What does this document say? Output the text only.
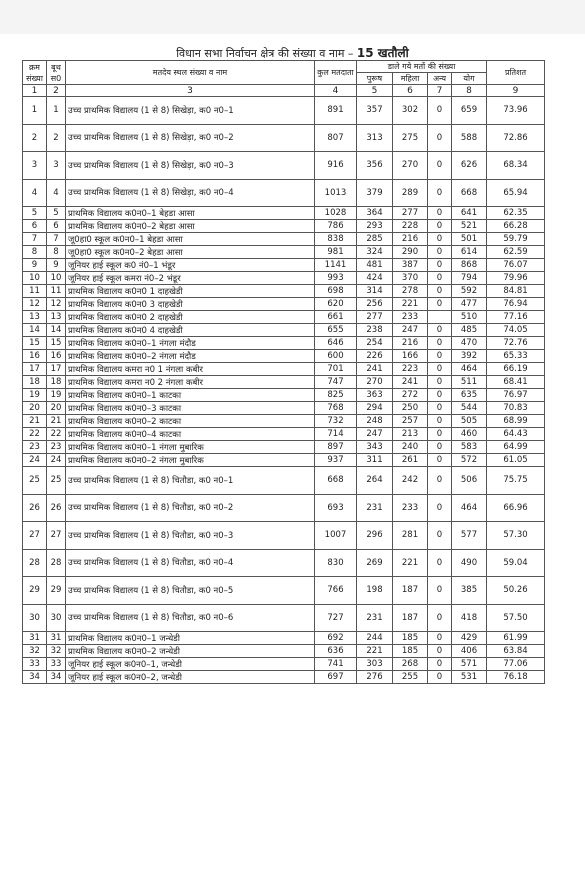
विधान सभा निर्वाचन क्षेत्र की संख्या व नाम – 15 खतौली
क्रम संख्या	बूथ स0	मतदेय स्थल संख्या व नाम	कुल मतदाता	डाले गये मतों की संख्या				प्रतिशत
				पुरूष	महिला	अन्य	योग	
1	2	3	4	5	6	7	8	9
1	1	उच्च प्राथमिक विद्यालय (1 से 8) सिखेड़ा, क0 न0–1	891	357	302	0	659	73.96
2	2	उच्च प्राथमिक विद्यालय (1 से 8) सिखेड़ा, क0 न0–2	807	313	275	0	588	72.86
3	3	उच्च प्राथमिक विद्यालय (1 से 8) सिखेड़ा, क0 न0–3	916	356	270	0	626	68.34
4	4	उच्च प्राथमिक विद्यालय (1 से 8) सिखेड़ा, क0 न0–4	1013	379	289	0	668	65.94
5	5	प्राथमिक विद्यालय क0न0–1 बेहडा आसा	1028	364	277	0	641	62.35
6	6	प्राथमिक विद्यालय क0न0–2 बेहडा आसा	786	293	228	0	521	66.28
7	7	जू0हा0 स्कूल क0न0–1 बेहडा आसा	838	285	216	0	501	59.79
8	8	जू0हा0 स्कूल क0न0–2 बेहडा आसा	981	324	290	0	614	62.59
9	9	जूनियर हाई स्कूल क0 नं0–1 भंडूर	1141	481	387	0	868	76.07
10	10	जूनियर हाई स्कूल कमरा नं0–2 भंडूर	993	424	370	0	794	79.96
11	11	प्राथमिक विद्यालय क0न0 1 दाहखेडी	698	314	278	0	592	84.81
12	12	प्राथमिक विद्यालय क0न0 3 दाहखेडी	620	256	221	0	477	76.94
13	13	प्राथमिक विद्यालय क0न0 2 दाहखेडी	661	277	233		510	77.16
14	14	प्राथमिक विद्यालय क0न0 4 दाहखेडी	655	238	247	0	485	74.05
15	15	प्राथमिक विद्यालय क0न0–1 नंगला मंदौड	646	254	216	0	470	72.76
16	16	प्राथमिक विद्यालय क0न0–2 नंगला मंदौड	600	226	166	0	392	65.33
17	17	प्राथमिक विद्यालय कमरा न0 1 नंगला कबीर	701	241	223	0	464	66.19
18	18	प्राथमिक विद्यालय कमरा न0 2 नंगला कबीर	747	270	241	0	511	68.41
19	19	प्राथमिक विद्यालय क0न0–1 काटका	825	363	272	0	635	76.97
20	20	प्राथमिक विद्यालय क0न0–3 काटका	768	294	250	0	544	70.83
21	21	प्राथमिक विद्यालय क0न0–2 काटका	732	248	257	0	505	68.99
22	22	प्राथमिक विद्यालय क0न0–4 काटका	714	247	213	0	460	64.43
23	23	प्राथमिक विद्यालय क0न0–1 नंगला मुबारिक	897	343	240	0	583	64.99
24	24	प्राथमिक विद्यालय क0न0–2 नंगला मुबारिक	937	311	261	0	572	61.05
25	25	उच्च प्राथमिक विद्यालय (1 से 8) चितौडा, क0 न0–1	668	264	242	0	506	75.75
26	26	उच्च प्राथमिक विद्यालय (1 से 8) चितौडा, क0 न0–2	693	231	233	0	464	66.96
27	27	उच्च प्राथमिक विद्यालय (1 से 8) चितौडा, क0 न0–3	1007	296	281	0	577	57.30
28	28	उच्च प्राथमिक विद्यालय (1 से 8) चितौडा, क0 न0–4	830	269	221	0	490	59.04
29	29	उच्च प्राथमिक विद्यालय (1 से 8) चितौडा, क0 न0–5	766	198	187	0	385	50.26
30	30	उच्च प्राथमिक विद्यालय (1 से 8) चितौडा, क0 न0–6	727	231	187	0	418	57.50
31	31	प्राथमिक विद्यालय क0न0–1 जन्धेडी	692	244	185	0	429	61.99
32	32	प्राथमिक विद्यालय क0न0–2 जन्धेडी	636	221	185	0	406	63.84
33	33	जूनियर हाई स्कूल क0न0–1, जन्धेडी	741	303	268	0	571	77.06
34	34	जूनियर हाई स्कूल क0न0–2, जन्धेडी	697	276	255	0	531	76.18
